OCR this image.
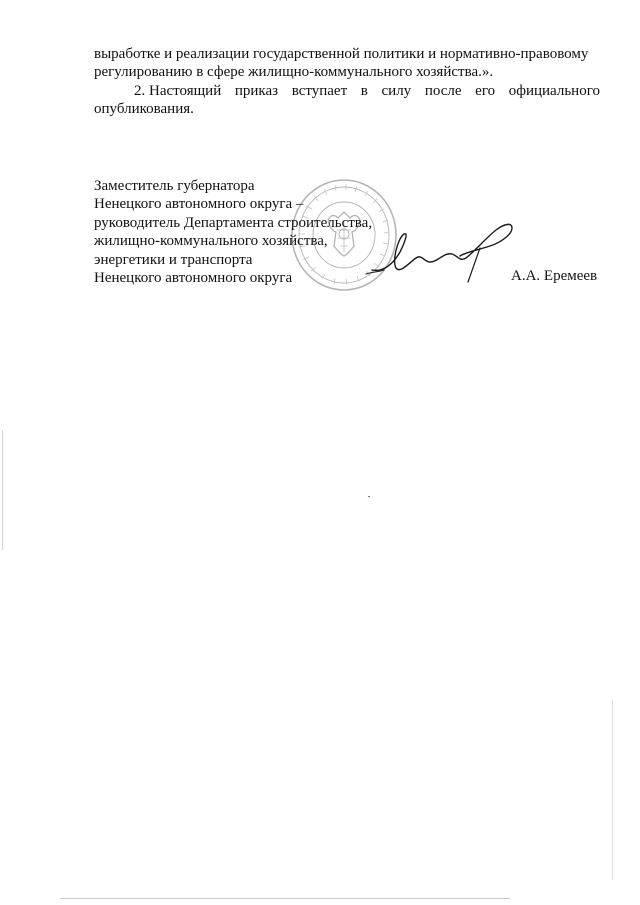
выработке и реализации государственной политики и нормативно-правовому
регулированию в сфере жилищно-коммунального хозяйства.».
2. Настоящий приказ вступает в силу после его официального
опубликования.
Заместитель губернатора
Ненецкого автономного округа –
руководитель Департамента строительства,
жилищно-коммунального хозяйства,
энергетики и транспорта
Ненецкого автономного округа	А.А. Еремеев
